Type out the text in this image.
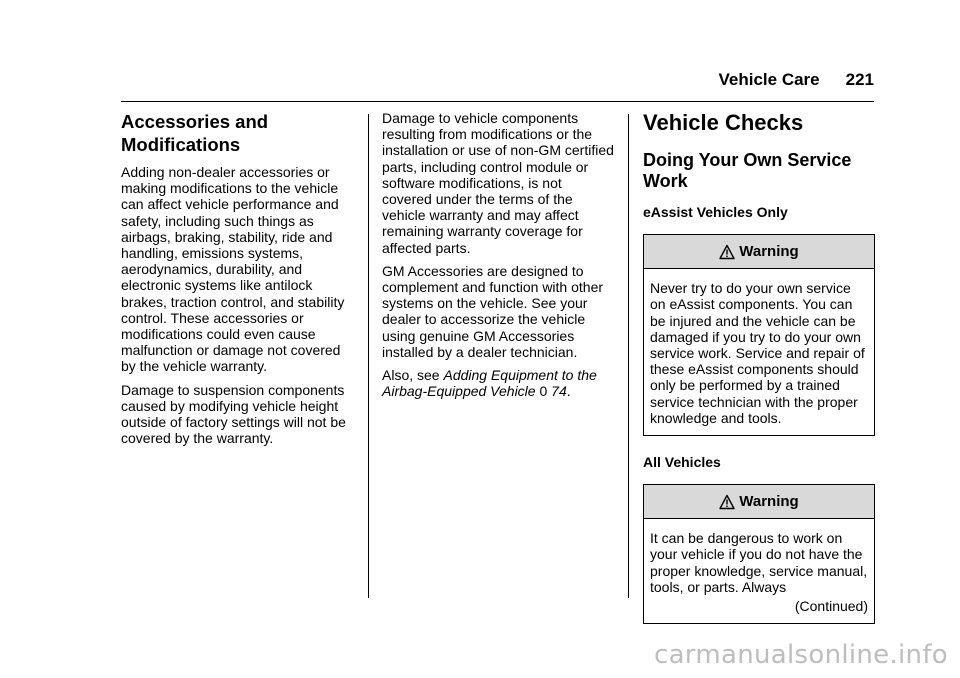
Vehicle Care 221
Accessories and Modifications

Adding non-dealer accessories or making modifications to the vehicle can affect vehicle performance and safety, including such things as airbags, braking, stability, ride and handling, emissions systems, aerodynamics, durability, and electronic systems like antilock brakes, traction control, and stability control. These accessories or modifications could even cause malfunction or damage not covered by the vehicle warranty.

Damage to suspension components caused by modifying vehicle height outside of factory settings will not be covered by the warranty.

Damage to vehicle components resulting from modifications or the installation or use of non-GM certified parts, including control module or software modifications, is not covered under the terms of the vehicle warranty and may affect remaining warranty coverage for affected parts.

GM Accessories are designed to complement and function with other systems on the vehicle. See your dealer to accessorize the vehicle using genuine GM Accessories installed by a dealer technician.

Also, see Adding Equipment to the Airbag-Equipped Vehicle 0 74.

Vehicle Checks
Doing Your Own Service Work
eAssist Vehicles Only
Warning
Never try to do your own service on eAssist components. You can be injured and the vehicle can be damaged if you try to do your own service work. Service and repair of these eAssist components should only be performed by a trained service technician with the proper knowledge and tools.
All Vehicles
Warning
It can be dangerous to work on your vehicle if you do not have the proper knowledge, service manual, tools, or parts. Always
(Continued)
carmanualsonline.info
